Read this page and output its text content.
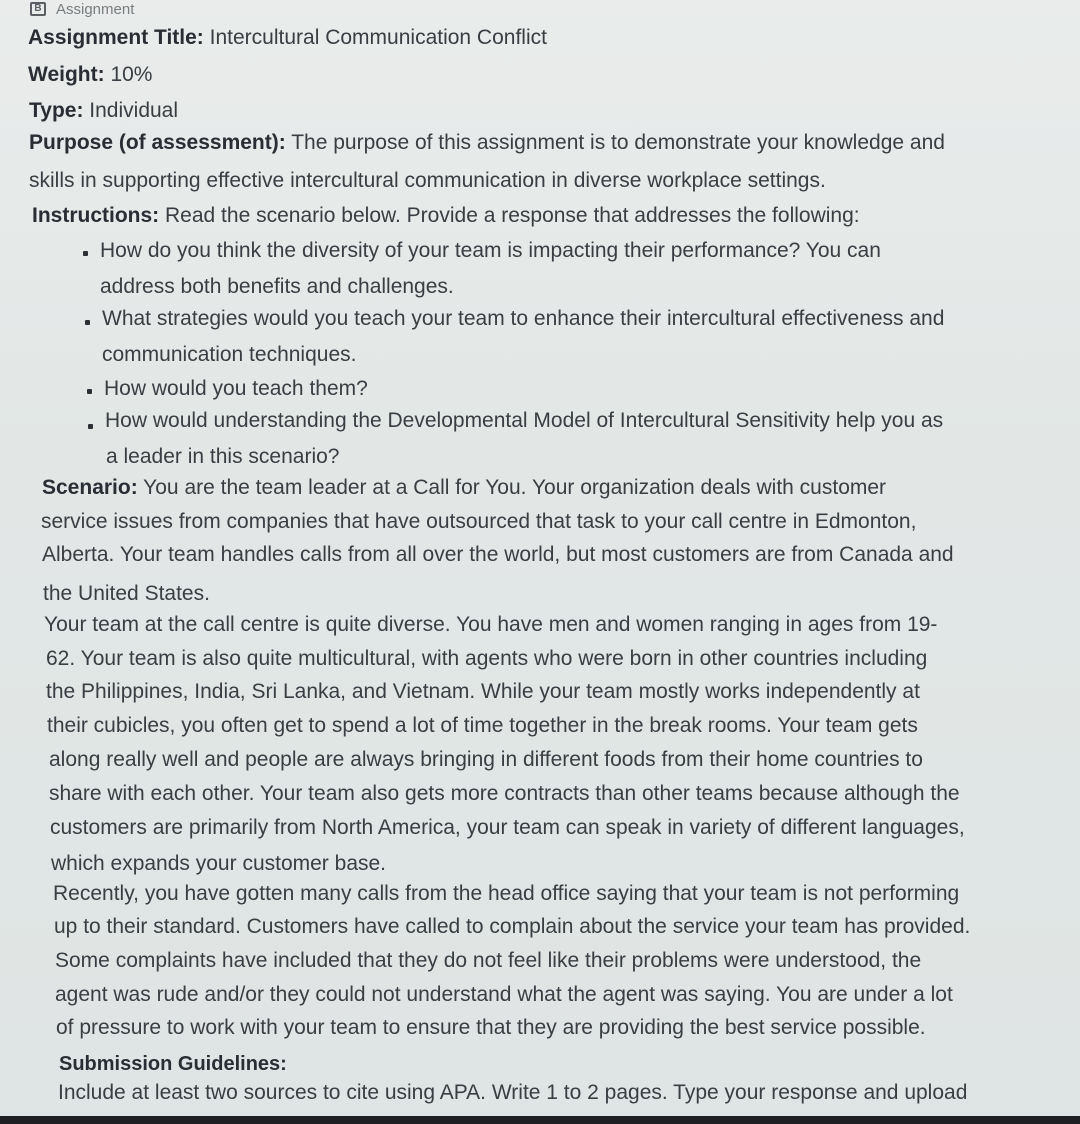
B Assignment
Assignment Title: Intercultural Communication Conflict
Weight: 10%
Type: Individual
Purpose (of assessment): The purpose of this assignment is to demonstrate your knowledge and
skills in supporting effective intercultural communication in diverse workplace settings.
Instructions: Read the scenario below. Provide a response that addresses the following:
How do you think the diversity of your team is impacting their performance? You can
address both benefits and challenges.
What strategies would you teach your team to enhance their intercultural effectiveness and
communication techniques.
How would you teach them?
How would understanding the Developmental Model of Intercultural Sensitivity help you as
a leader in this scenario?
Scenario: You are the team leader at a Call for You. Your organization deals with customer
service issues from companies that have outsourced that task to your call centre in Edmonton,
Alberta. Your team handles calls from all over the world, but most customers are from Canada and
the United States.
Your team at the call centre is quite diverse. You have men and women ranging in ages from 19-
62. Your team is also quite multicultural, with agents who were born in other countries including
the Philippines, India, Sri Lanka, and Vietnam. While your team mostly works independently at
their cubicles, you often get to spend a lot of time together in the break rooms. Your team gets
along really well and people are always bringing in different foods from their home countries to
share with each other. Your team also gets more contracts than other teams because although the
customers are primarily from North America, your team can speak in variety of different languages,
which expands your customer base.
Recently, you have gotten many calls from the head office saying that your team is not performing
up to their standard. Customers have called to complain about the service your team has provided.
Some complaints have included that they do not feel like their problems were understood, the
agent was rude and/or they could not understand what the agent was saying. You are under a lot
of pressure to work with your team to ensure that they are providing the best service possible.
Submission Guidelines:
Include at least two sources to cite using APA. Write 1 to 2 pages. Type your response and upload
